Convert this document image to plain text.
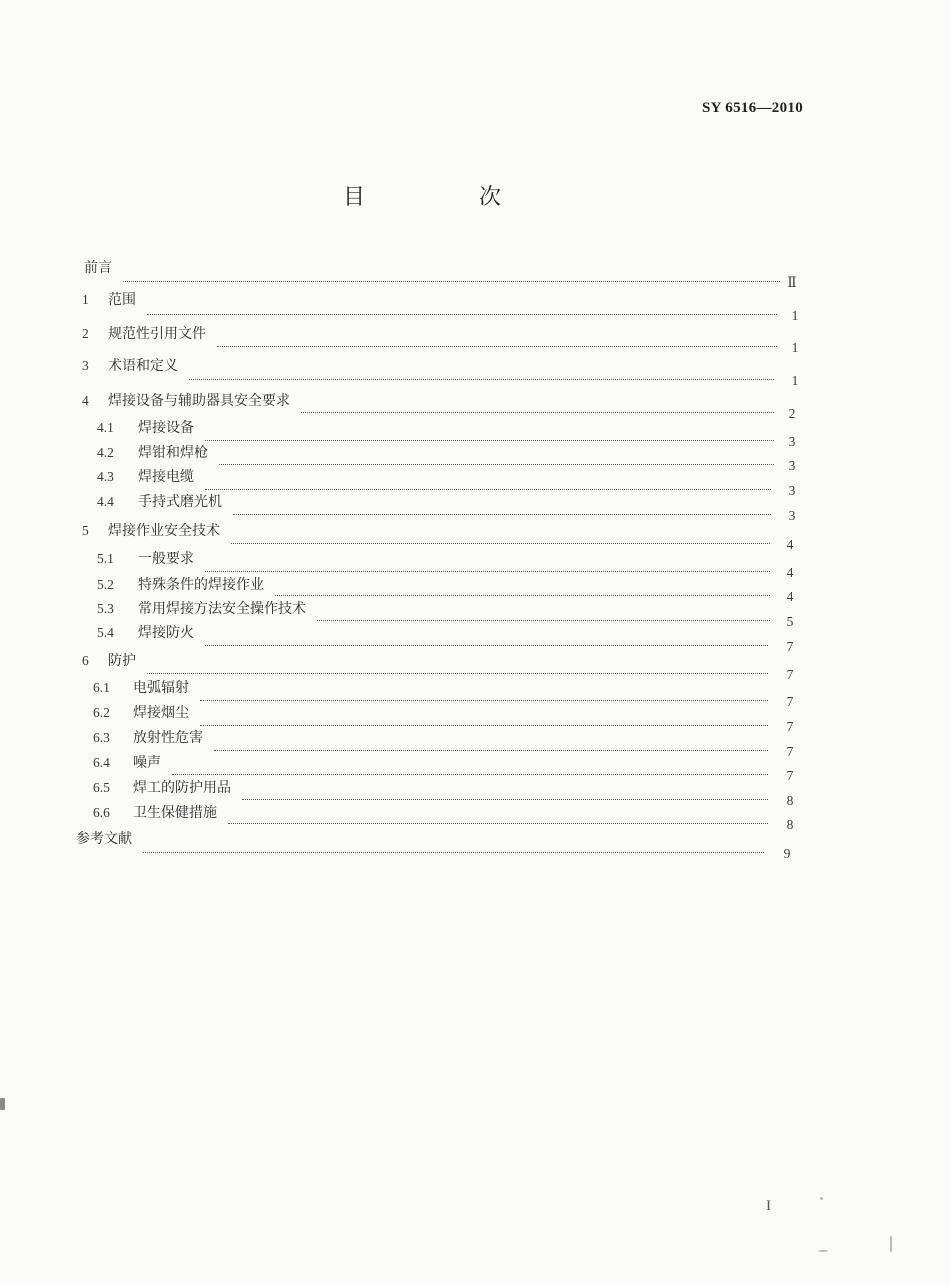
SY 6516—2010
目　次
前言
Ⅱ
1 范围
1
2 规范性引用文件
1
3 术语和定义
1
4 焊接设备与辅助器具安全要求
2
4.1 焊接设备
3
4.2 焊钳和焊枪
3
4.3 焊接电缆
3
4.4 手持式磨光机
3
5 焊接作业安全技术
4
5.1 一般要求
4
5.2 特殊条件的焊接作业
4
5.3 常用焊接方法安全操作技术
5
5.4 焊接防火
7
6 防护
7
6.1 电弧辐射
7
6.2 焊接烟尘
7
6.3 放射性危害
7
6.4 噪声
7
6.5 焊工的防护用品
8
6.6 卫生保健措施
8
参考文献
9
I
